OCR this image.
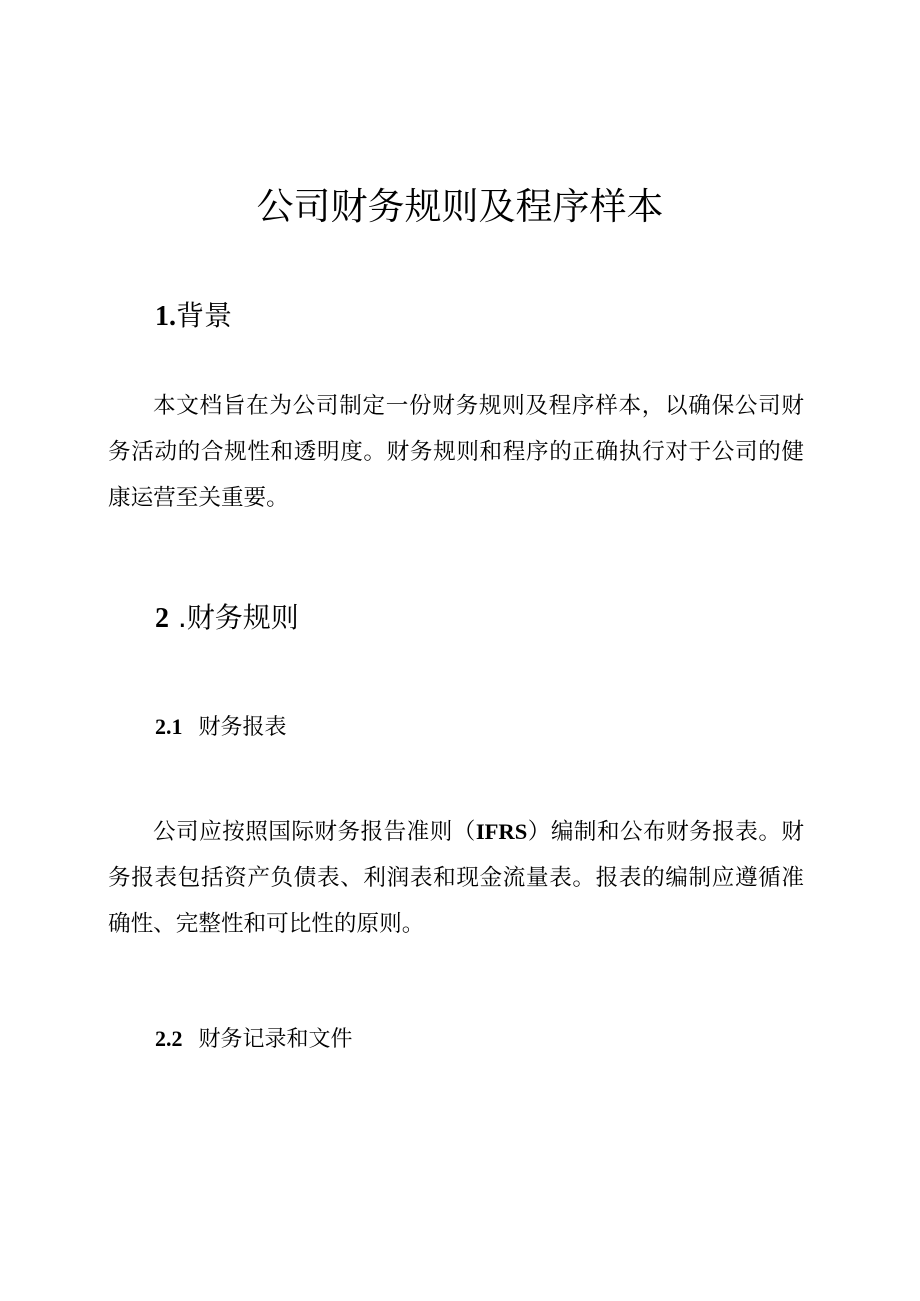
公司财务规则及程序样本
1.背景

本文档旨在为公司制定一份财务规则及程序样本，以确保公司财务活动的合规性和透明度。财务规则和程序的正确执行对于公司的健康运营至关重要。

2 .财务规则
2.1 财务报表

公司应按照国际财务报告准则（IFRS）编制和公布财务报表。财务报表包括资产负债表、利润表和现金流量表。报表的编制应遵循准确性、完整性和可比性的原则。

2.2 财务记录和文件
